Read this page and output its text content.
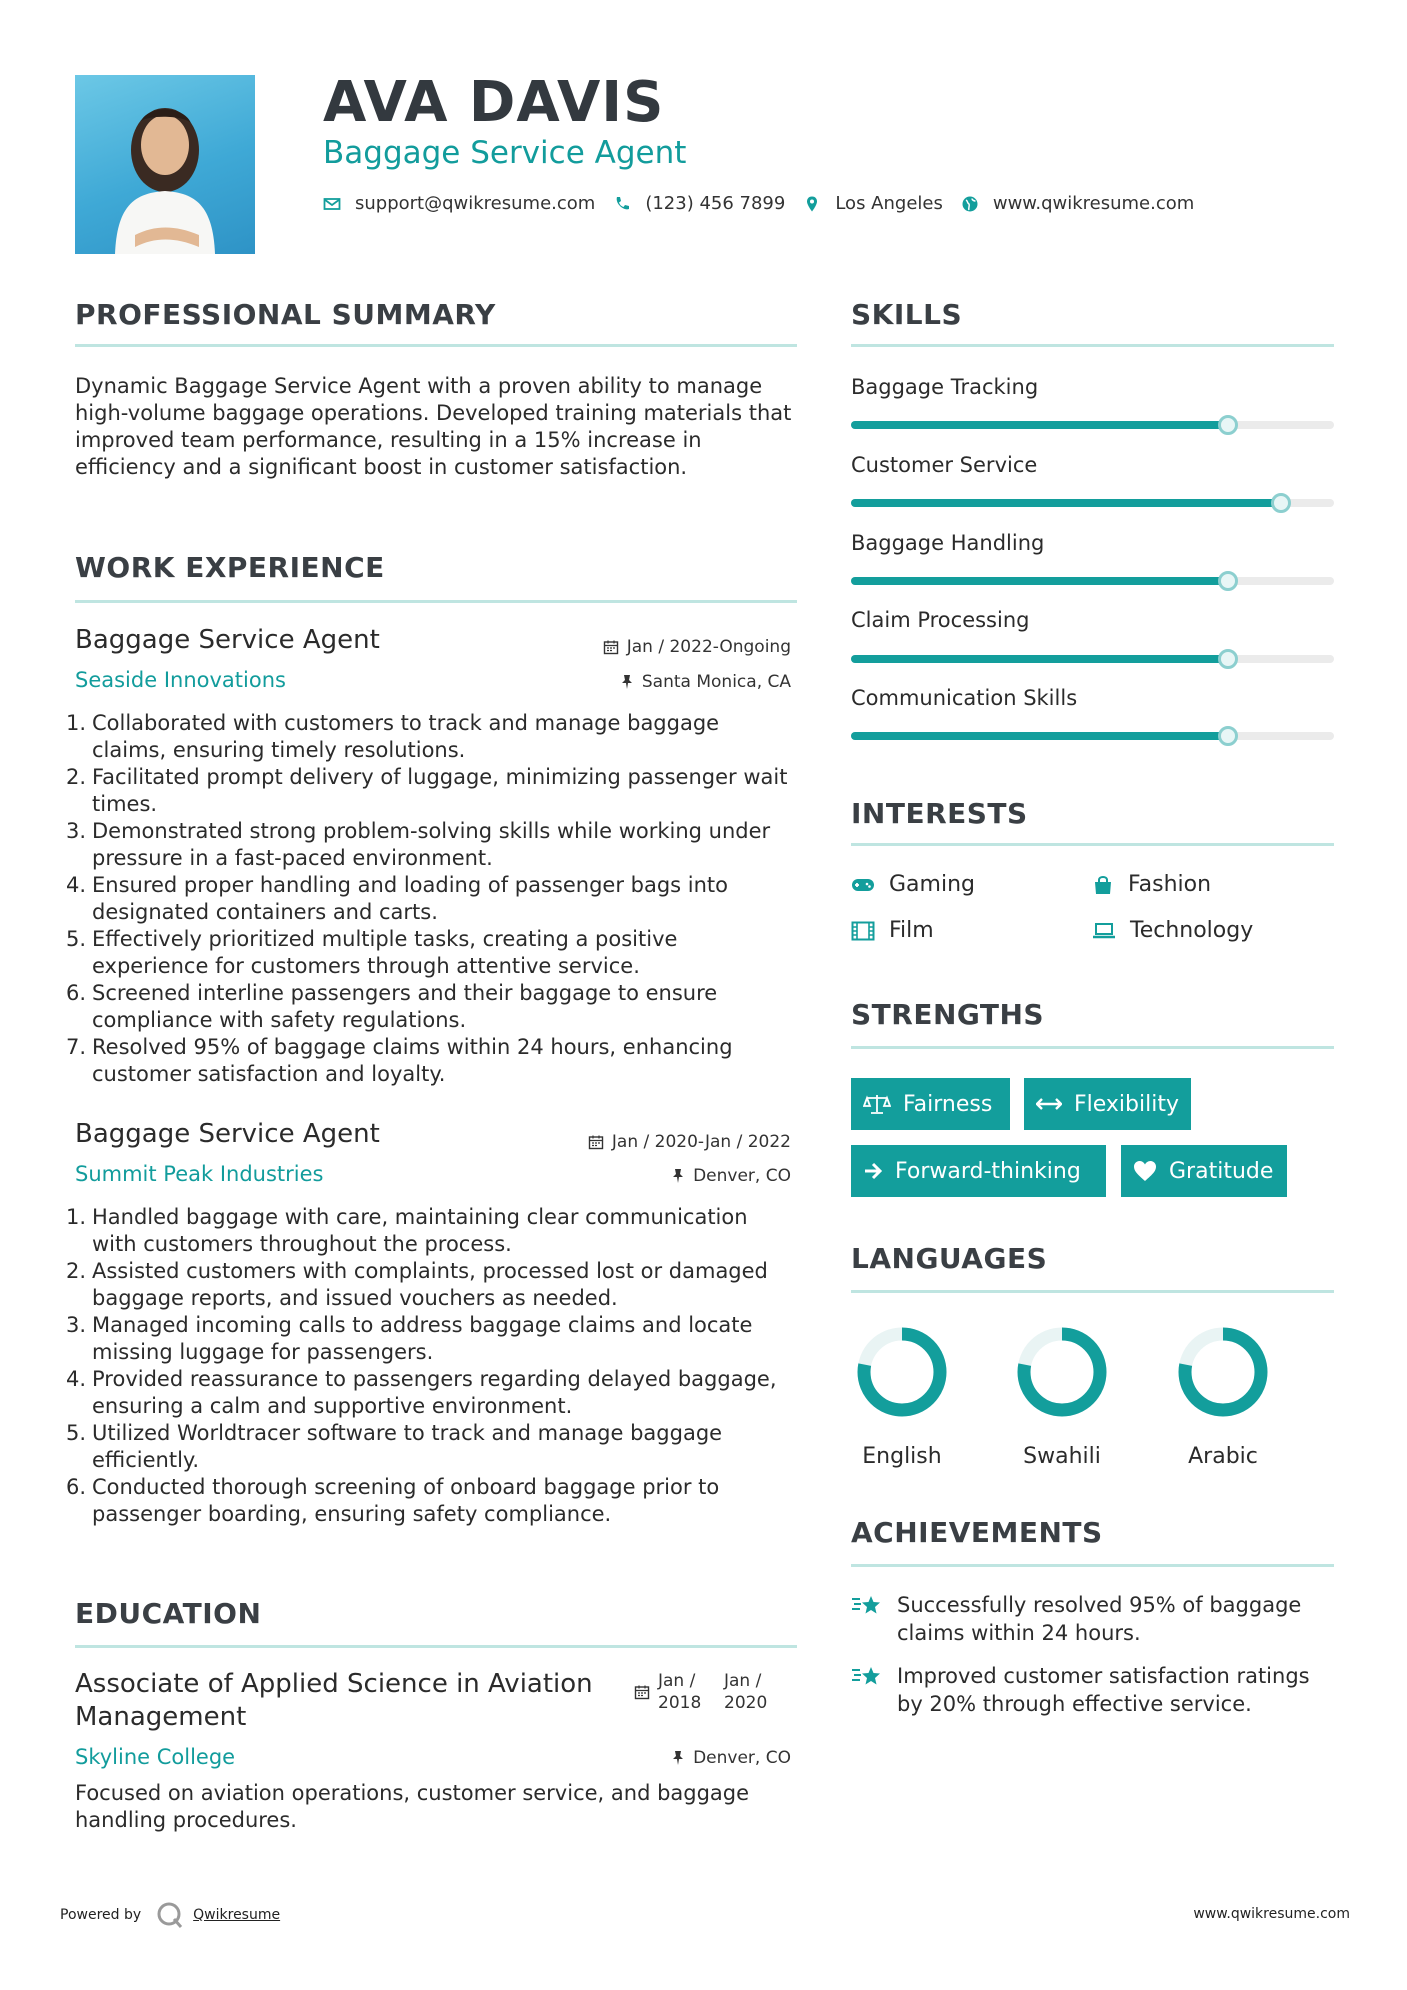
AVA DAVIS
Baggage Service Agent
support@qwikresume.com	(123) 456 7899	Los Angeles	www.qwikresume.com
PROFESSIONAL SUMMARY
Dynamic Baggage Service Agent with a proven ability to manage high-volume baggage operations. Developed training materials that improved team performance, resulting in a 15% increase in efficiency and a significant boost in customer satisfaction.
WORK EXPERIENCE
Baggage Service Agent	Jan / 2022-Ongoing
Seaside Innovations	Santa Monica, CA
1. Collaborated with customers to track and manage baggage claims, ensuring timely resolutions.
2. Facilitated prompt delivery of luggage, minimizing passenger wait times.
3. Demonstrated strong problem-solving skills while working under pressure in a fast-paced environment.
4. Ensured proper handling and loading of passenger bags into designated containers and carts.
5. Effectively prioritized multiple tasks, creating a positive experience for customers through attentive service.
6. Screened interline passengers and their baggage to ensure compliance with safety regulations.
7. Resolved 95% of baggage claims within 24 hours, enhancing customer satisfaction and loyalty.
Baggage Service Agent	Jan / 2020-Jan / 2022
Summit Peak Industries	Denver, CO
1. Handled baggage with care, maintaining clear communication with customers throughout the process.
2. Assisted customers with complaints, processed lost or damaged baggage reports, and issued vouchers as needed.
3. Managed incoming calls to address baggage claims and locate missing luggage for passengers.
4. Provided reassurance to passengers regarding delayed baggage, ensuring a calm and supportive environment.
5. Utilized Worldtracer software to track and manage baggage efficiently.
6. Conducted thorough screening of onboard baggage prior to passenger boarding, ensuring safety compliance.
EDUCATION
Associate of Applied Science in Aviation Management
Jan / 2018
Jan / 2020
Skyline College	Denver, CO
Focused on aviation operations, customer service, and baggage handling procedures.
SKILLS
Baggage Tracking
Customer Service
Baggage Handling
Claim Processing
Communication Skills
INTERESTS
Gaming	Fashion
Film	Technology
STRENGTHS
Fairness	Flexibility
Forward-thinking	Gratitude
LANGUAGES
English	Swahili	Arabic
ACHIEVEMENTS
Successfully resolved 95% of baggage claims within 24 hours.
Improved customer satisfaction ratings by 20% through effective service.
Powered by	Qwikresume	www.qwikresume.com
